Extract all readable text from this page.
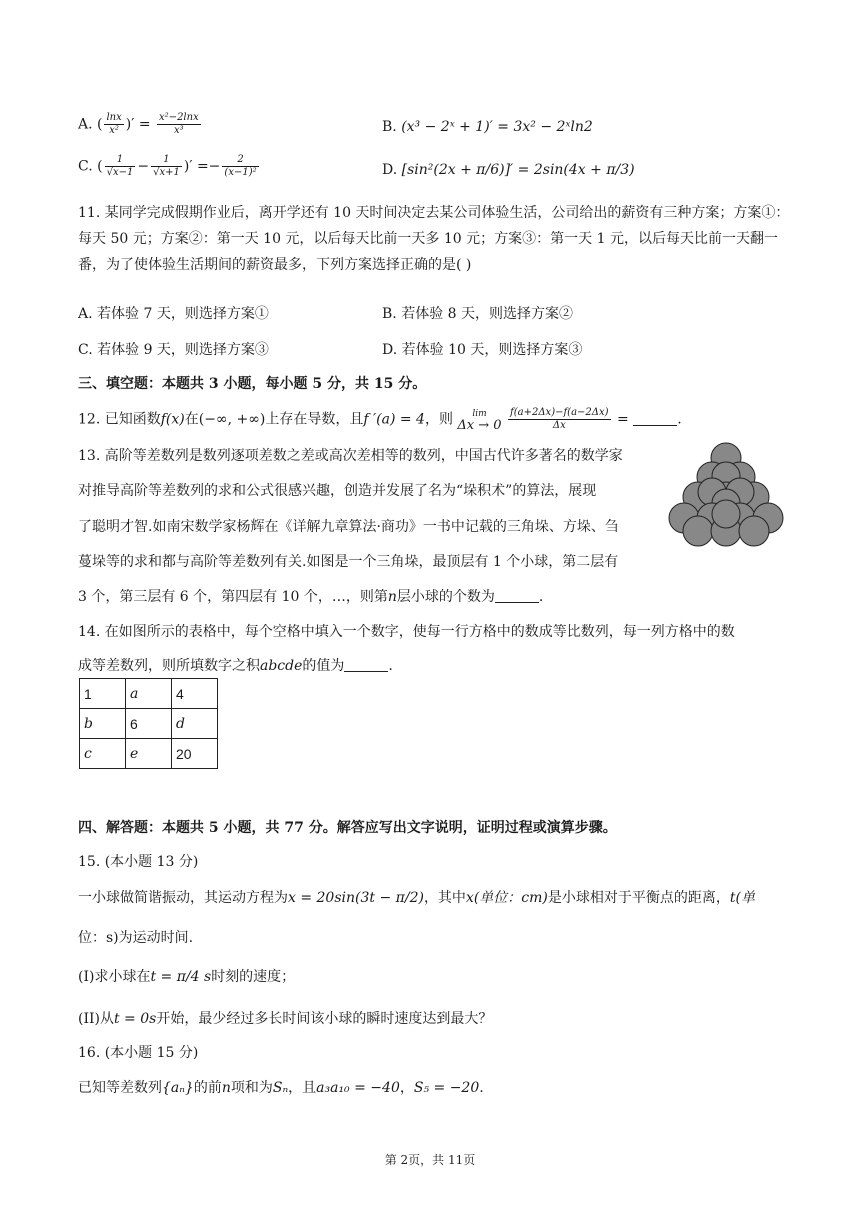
A. ( $\frac{\ln x}{\text{x²}}$ )′ = $\frac{\text{x²−2lnx}}{\text{x³}}$	B. (x³ − 2ˣ + 1)′ = 3x² − 2ˣln2
C. ( $\frac{1}{√x-1} - \frac{1}{√x+1}$ )′ =− $\frac{2}{\text{(x−1)²}}$	D. [sin²(2x + π/6)]′ = 2sin(4x + π/3)
11. 某同学完成假期作业后，离开学还有 10 天时间决定去某公司体验生活，公司给出的薪资有三种方案；方案①：每天 50 元；方案②：第一天 10 元，以后每天比前一天多 10 元；方案③：第一天 1 元，以后每天比前一天翻一番，为了使体验生活期间的薪资最多，下列方案选择正确的是( )
A. 若体验 7 天，则选择方案①	B. 若体验 8 天，则选择方案②
C. 若体验 9 天，则选择方案③	D. 若体验 10 天，则选择方案③
三、填空题：本题共 3 小题，每小题 5 分，共 15 分。
12. 已知函数f(x)在(−∞, +∞)上存在导数，且f ′(a) = 4，则	lim
Δx → 0
$\frac{f(a+2\Delta x)-f(a-2\Delta x)}{\Delta x}$ =	.
13. 高阶等差数列是数列逐项差数之差或高次差相等的数列，中国古代许多著名的数学家
对推导高阶等差数列的求和公式很感兴趣，创造并发展了名为“垛积术”的算法，展现
了聪明才智.如南宋数学家杨辉在《详解九章算法·商功》一书中记载的三角垛、方垛、刍
蔓垛等的求和都与高阶等差数列有关.如图是一个三角垛，最顶层有 1 个小球，第二层有
3 个，第三层有 6 个，第四层有 10 个，…，则第n层小球的个数为	.
14. 在如图所示的表格中，每个空格中填入一个数字，使每一行方格中的数成等比数列，每一列方格中的数
成等差数列，则所填数字之积abcde的值为	.
1	a	4
b	6	d
c	e	20
四、解答题：本题共 5 小题，共 77 分。解答应写出文字说明，证明过程或演算步骤。
15. (本小题 13 分)
一小球做简谐振动，其运动方程为x = 20sin(3t − π/2)，其中x(单位：cm)是小球相对于平衡点的距离，t(单
位：s)为运动时间.
(I)求小球在t = π/4 s时刻的速度；
(II)从t = 0s开始，最少经过多长时间该小球的瞬时速度达到最大？
16. (本小题 15 分)
已知等差数列{aₙ}的前n项和为Sₙ，且a₃a₁₀ = −40，S₅ = −20.
第 2页，共 11页
